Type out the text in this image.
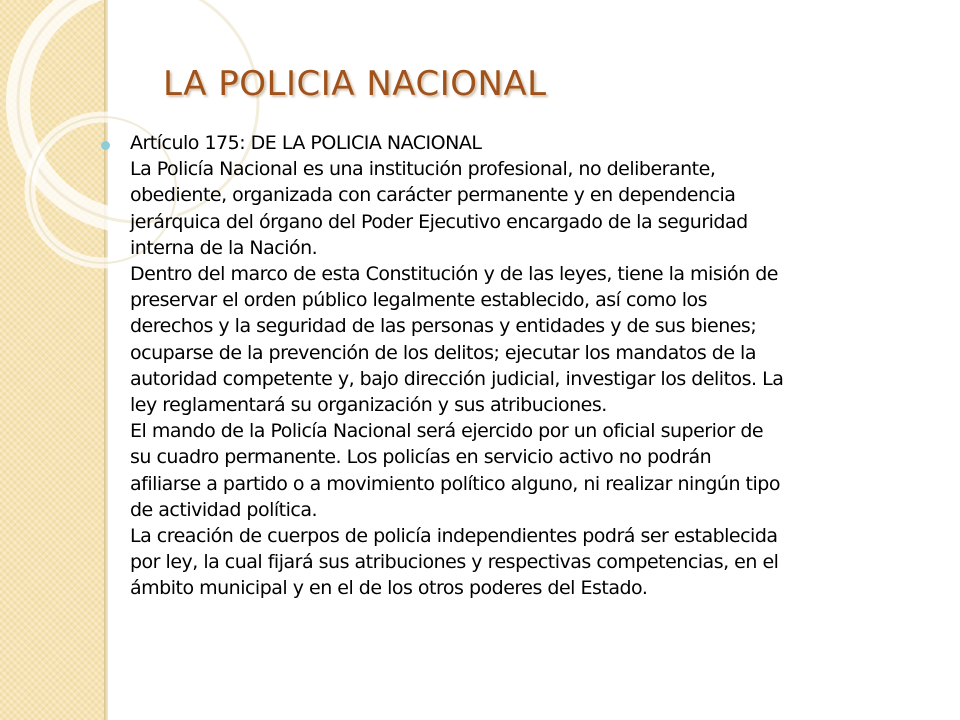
LA POLICIA NACIONAL
Artículo 175: DE LA POLICIA NACIONAL
La Policía Nacional es una institución profesional, no deliberante,
obediente, organizada con carácter permanente y en dependencia
jerárquica del órgano del Poder Ejecutivo encargado de la seguridad
interna de la Nación.
Dentro del marco de esta Constitución y de las leyes, tiene la misión de
preservar el orden público legalmente establecido, así como los
derechos y la seguridad de las personas y entidades y de sus bienes;
ocuparse de la prevención de los delitos; ejecutar los mandatos de la
autoridad competente y, bajo dirección judicial, investigar los delitos. La
ley reglamentará su organización y sus atribuciones.
El mando de la Policía Nacional será ejercido por un oficial superior de
su cuadro permanente. Los policías en servicio activo no podrán
afiliarse a partido o a movimiento político alguno, ni realizar ningún tipo
de actividad política.
La creación de cuerpos de policía independientes podrá ser establecida
por ley, la cual fijará sus atribuciones y respectivas competencias, en el
ámbito municipal y en el de los otros poderes del Estado.
